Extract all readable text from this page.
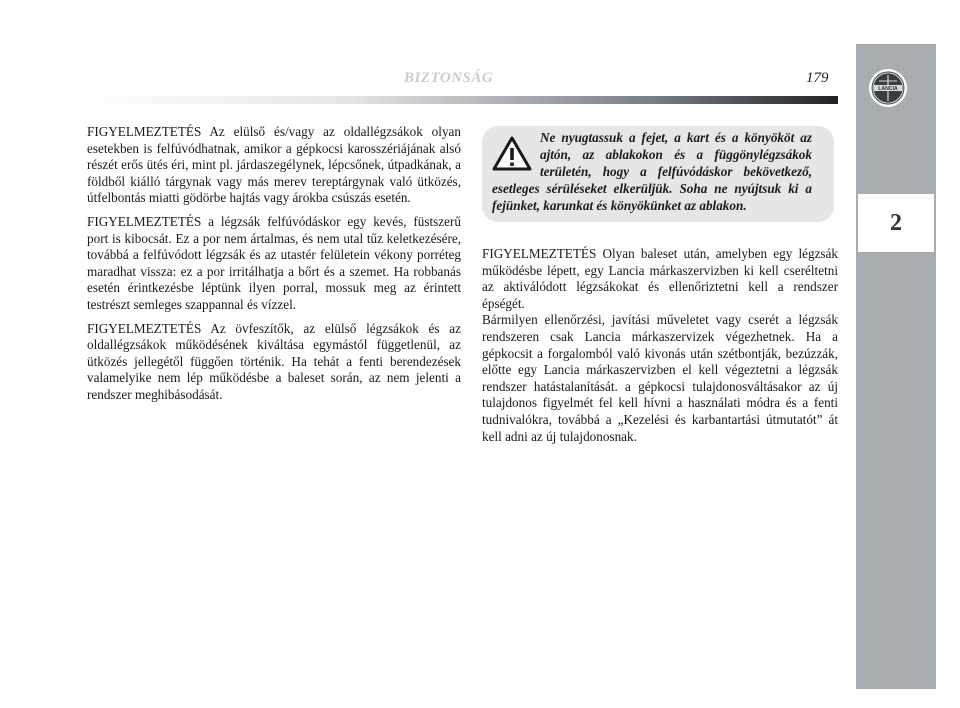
BIZTONSÁG	179
LANCIA
2

FIGYELMEZTETÉS Az elülső és/vagy az oldallégzsákok olyan esetekben is felfúvódhatnak, amikor a gépkocsi karosszériájának alsó részét erős ütés éri, mint pl. járdaszegélynek, lépcsőnek, útpadkának, a földből kiálló tárgynak vagy más merev tereptárgynak való ütközés, útfelbontás miatti gödörbe hajtás vagy árokba csúszás esetén.

FIGYELMEZTETÉS a légzsák felfúvódáskor egy kevés, füstszerű port is kibocsát. Ez a por nem ártalmas, és nem utal tűz keletkezésére, továbbá a felfúvódott légzsák és az utastér felületein vékony porréteg maradhat vissza: ez a por irritálhatja a bőrt és a szemet. Ha robbanás esetén érintkezésbe léptünk ilyen porral, mossuk meg az érintett testrészt semleges szappannal és vízzel.

FIGYELMEZTETÉS Az övfeszítők, az elülső légzsákok és az oldallégzsákok működésének kiváltása egymástól függetlenül, az ütközés jellegétől függően történik. Ha tehát a fenti berendezések valamelyike nem lép működésbe a baleset során, az nem jelenti a rendszer meghibásodását.

Ne nyugtassuk a fejet, a kart és a könyököt az ajtón, az ablakokon és a függönylégzsákok területén, hogy a felfúvódáskor bekövetkező, esetleges sérüléseket elkerüljük. Soha ne nyújtsuk ki a fejünket, karunkat és könyökünket az ablakon.

FIGYELMEZTETÉS Olyan baleset után, amelyben egy légzsák működésbe lépett, egy Lancia márkaszervizben ki kell cseréltetni az aktiválódott légzsákokat és ellenőriztetni kell a rendszer épségét.

Bármilyen ellenőrzési, javítási műveletet vagy cserét a légzsák rendszeren csak Lancia márkaszervizek végezhetnek. Ha a gépkocsit a forgalomból való kivonás után szétbontják, bezúzzák, előtte egy Lancia márkaszervizben el kell végeztetni a légzsák rendszer hatástalanítását. a gépkocsi tulajdonosváltásakor az új tulajdonos figyelmét fel kell hívni a használati módra és a fenti tudnivalókra, továbbá a „Kezelési és karbantartási útmutatót” át kell adni az új tulajdonosnak.
